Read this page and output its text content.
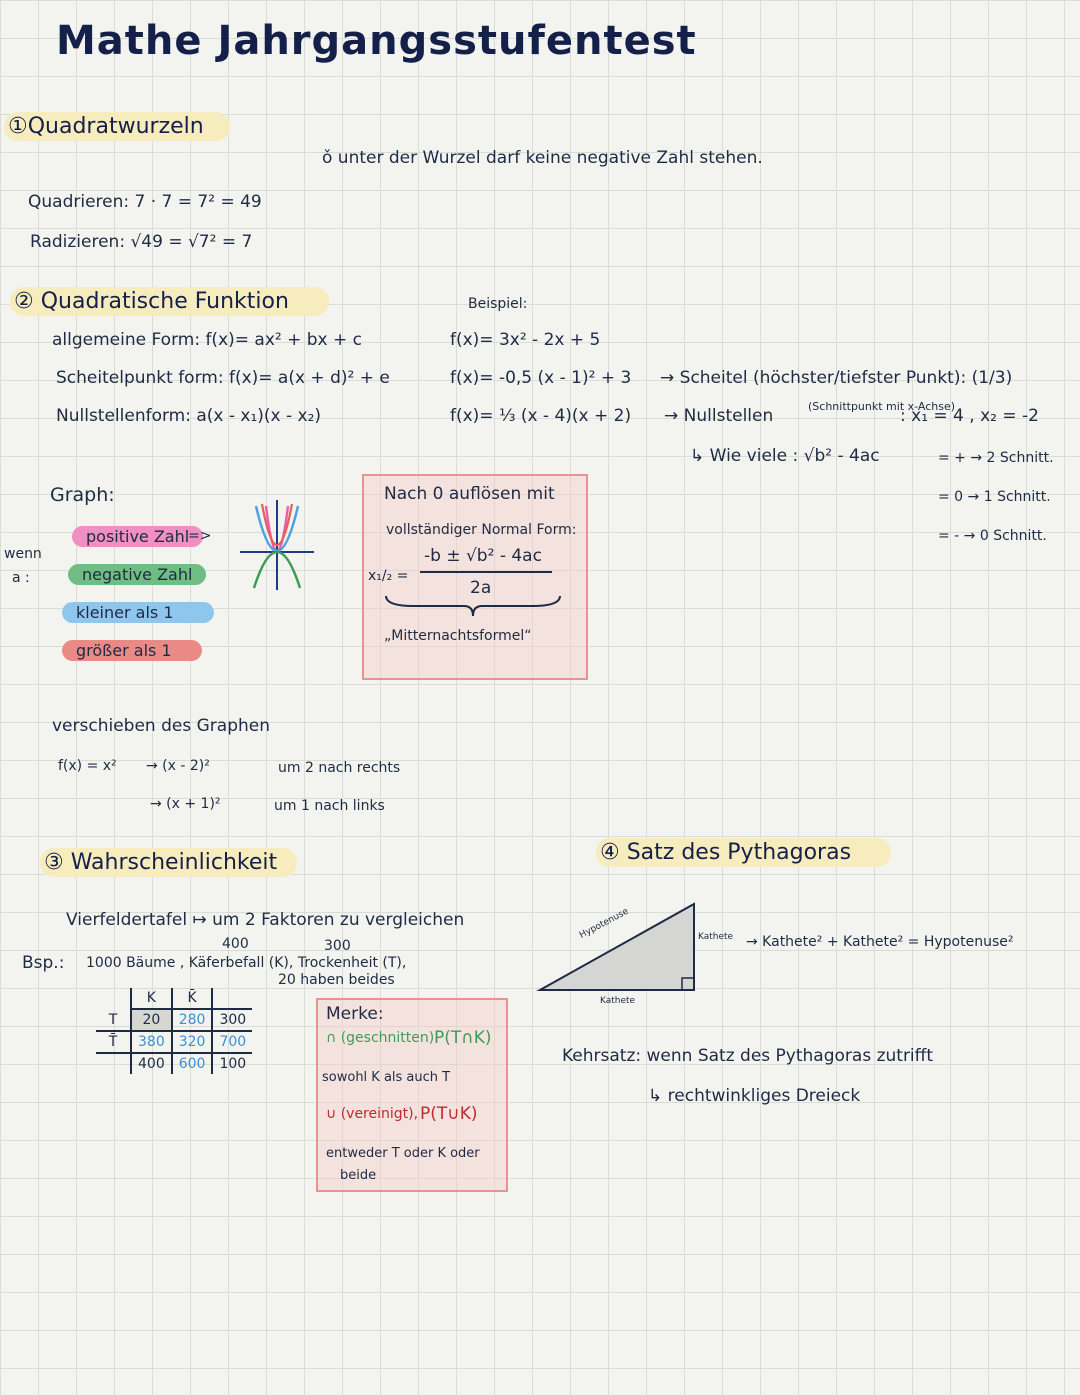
Mathe Jahrgangsstufentest
①Quadratwurzeln
ǒ unter der Wurzel darf keine negative Zahl stehen.
Quadrieren: 7 · 7 = 7² = 49
Radizieren: √49 = √7² = 7
② Quadratische Funktion
allgemeine Form: f(x)= ax² + bx + c
Scheitelpunkt form: f(x)= a(x + d)² + e
Nullstellenform: a(x - x₁)(x - x₂)
Beispiel:
f(x)= 3x² - 2x + 5
f(x)= -0,5 (x - 1)² + 3 → Scheitel (höchster/tiefster Punkt): (1/3)
f(x)= ⅓ (x - 4)(x + 2) → Nullstellen	(Schnittpunkt mit x-Achse)
: x₁ = 4 , x₂ = -2
↳ Wie viele : √b² - 4ac	= + → 2 Schnitt.
= 0 → 1 Schnitt.
= - → 0 Schnitt.
Graph:
wenn
a :
positive Zahl
=>
negative Zahl
kleiner als 1
größer als 1
Nach 0 auflösen mit
vollständiger Normal Form:
x₁/₂ =
-b ± √b² - 4ac
2a
„Mitternachtsformel“
verschieben des Graphen
f(x) = x² → (x - 2)²	um 2 nach rechts
→ (x + 1)²	um 1 nach links
③ Wahrscheinlichkeit
Vierfeldertafel ↦ um 2 Faktoren zu vergleichen
400	300
Bsp.: 1000 Bäume , Käferbefall (K), Trockenheit (T),
20 haben beides
	K	K̄	
T	20	280	300
T̄	380	320	700
	400	600	100
Merke:
∩ (geschnitten) P(T∩K)
sowohl K als auch T
∪ (vereinigt), P(T∪K)
entweder T oder K oder
beide
④ Satz des Pythagoras
Hypotenuse	Kathete
Kathete
→ Kathete² + Kathete² = Hypotenuse²
Kehrsatz: wenn Satz des Pythagoras zutrifft
↳ rechtwinkliges Dreieck
